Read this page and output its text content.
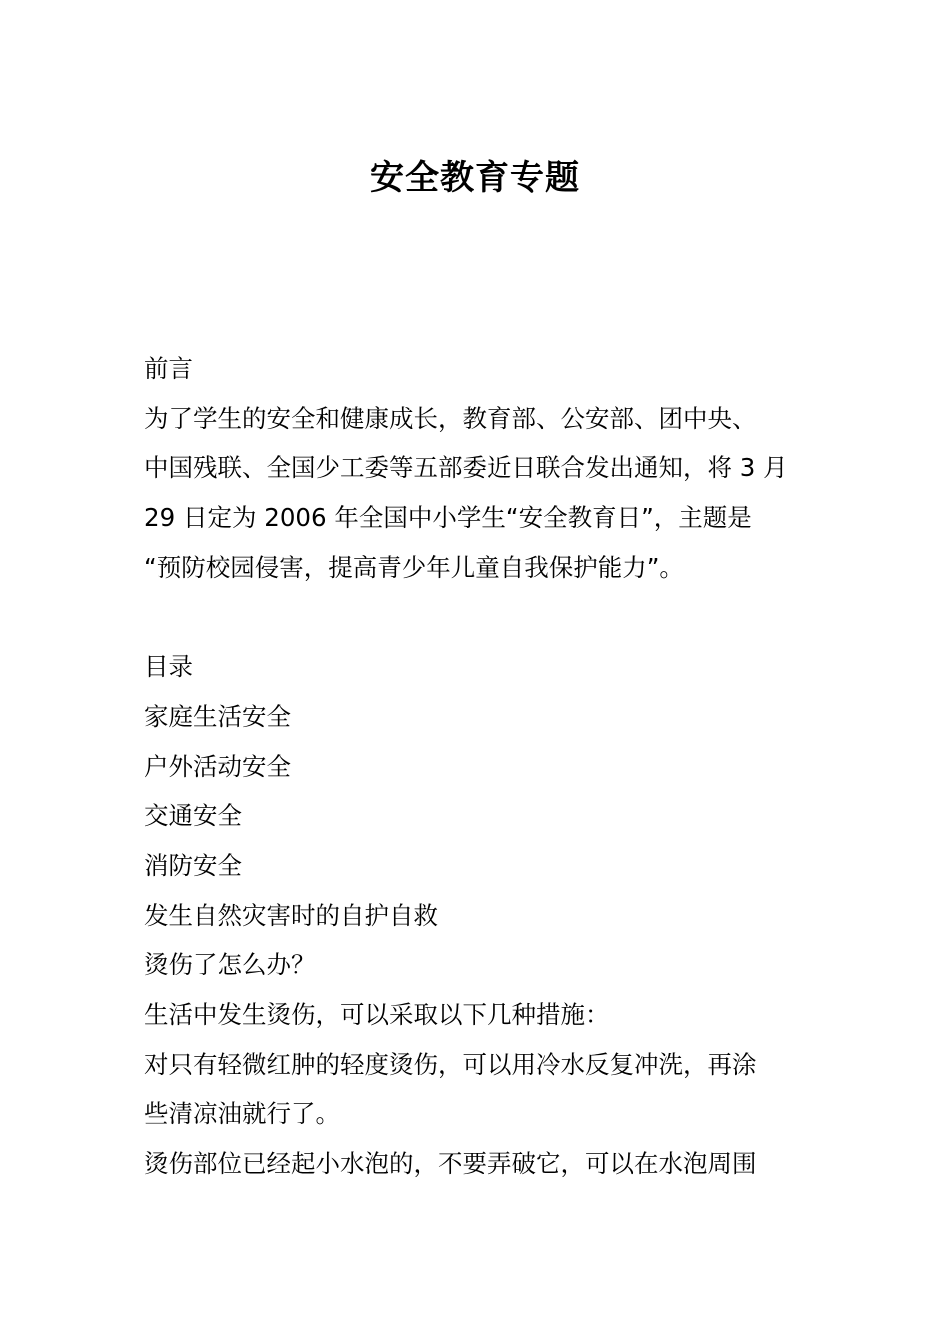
安全教育专题
前言
为了学生的安全和健康成长，教育部、公安部、团中央、
中国残联、全国少工委等五部委近日联合发出通知，将 3 月
29 日定为 2006 年全国中小学生“安全教育日”，主题是
“预防校园侵害，提高青少年儿童自我保护能力”。
目录
家庭生活安全
户外活动安全
交通安全
消防安全
发生自然灾害时的自护自救
烫伤了怎么办？
生活中发生烫伤，可以采取以下几种措施：
对只有轻微红肿的轻度烫伤，可以用冷水反复冲洗，再涂
些清凉油就行了。
烫伤部位已经起小水泡的，不要弄破它，可以在水泡周围
